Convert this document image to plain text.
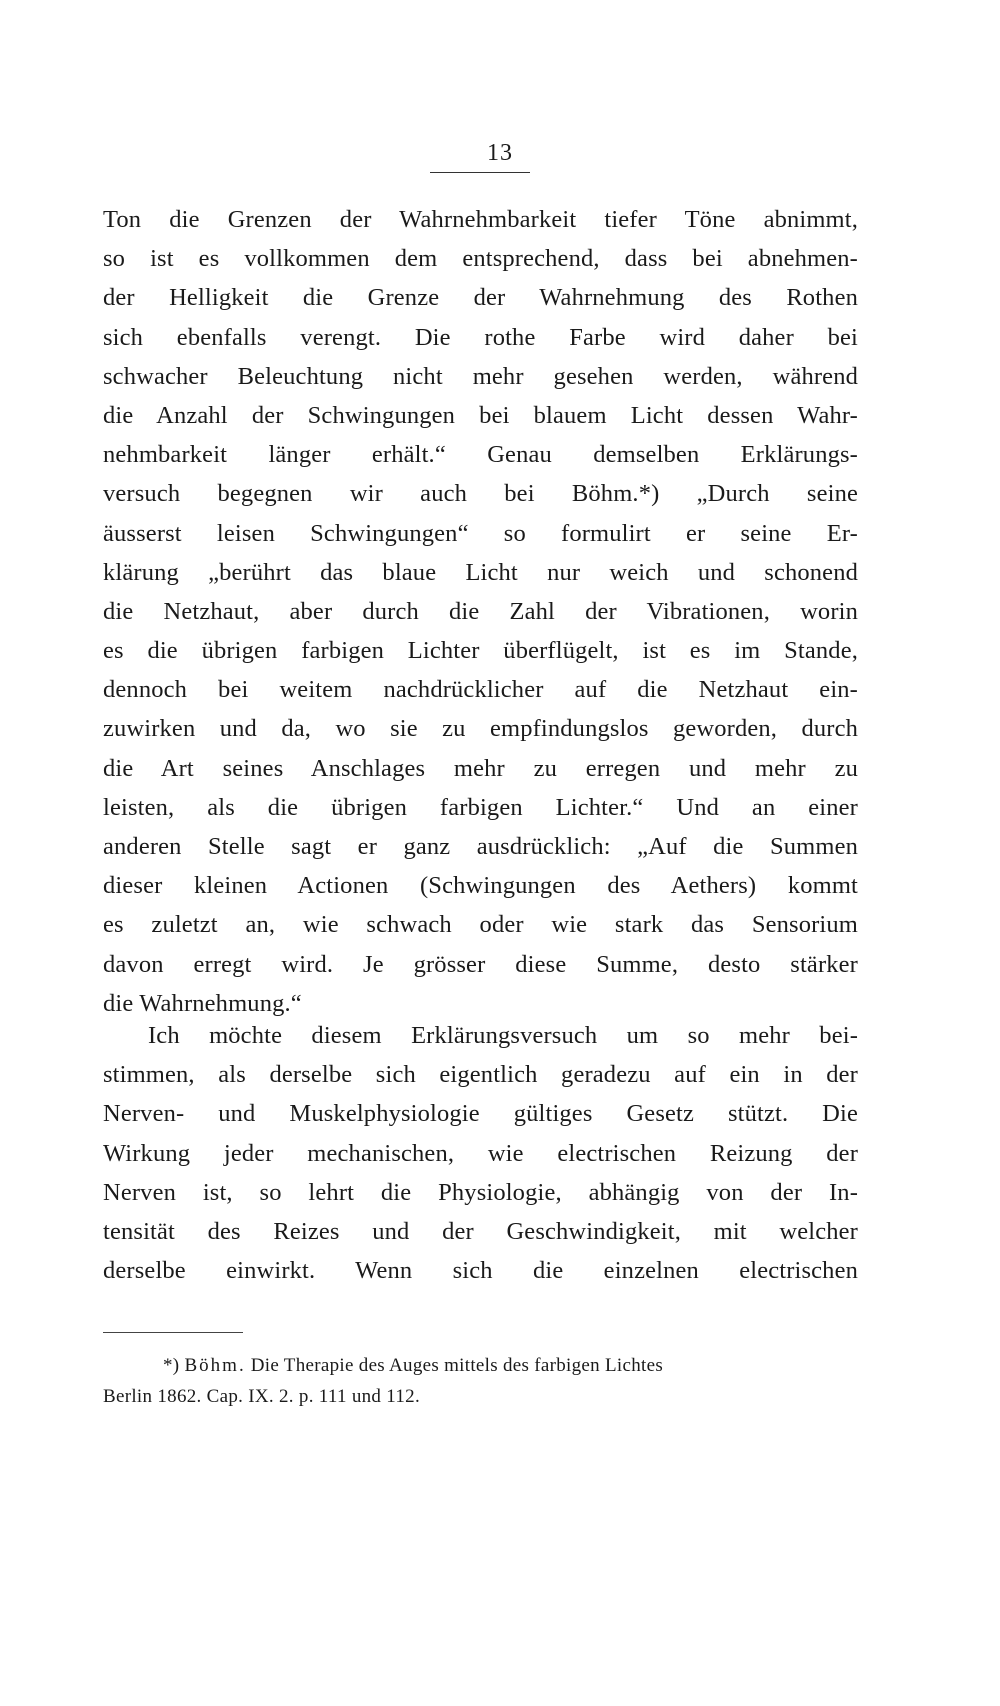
13
Ton die Grenzen der Wahrnehmbarkeit tiefer Töne abnimmt,
so ist es vollkommen dem entsprechend, dass bei abnehmen-
der Helligkeit die Grenze der Wahrnehmung des Rothen
sich ebenfalls verengt. Die rothe Farbe wird daher bei
schwacher Beleuchtung nicht mehr gesehen werden, während
die Anzahl der Schwingungen bei blauem Licht dessen Wahr-
nehmbarkeit länger erhält.“ Genau demselben Erklärungs-
versuch begegnen wir auch bei Böhm.*) „Durch seine
äusserst leisen Schwingungen“ so formulirt er seine Er-
klärung „berührt das blaue Licht nur weich und schonend
die Netzhaut, aber durch die Zahl der Vibrationen, worin
es die übrigen farbigen Lichter überflügelt, ist es im Stande,
dennoch bei weitem nachdrücklicher auf die Netzhaut ein-
zuwirken und da, wo sie zu empfindungslos geworden, durch
die Art seines Anschlages mehr zu erregen und mehr zu
leisten, als die übrigen farbigen Lichter.“ Und an einer
anderen Stelle sagt er ganz ausdrücklich: „Auf die Summen
dieser kleinen Actionen (Schwingungen des Aethers) kommt
es zuletzt an, wie schwach oder wie stark das Sensorium
davon erregt wird. Je grösser diese Summe, desto stärker
die Wahrnehmung.“
Ich möchte diesem Erklärungsversuch um so mehr bei-
stimmen, als derselbe sich eigentlich geradezu auf ein in der
Nerven- und Muskelphysiologie gültiges Gesetz stützt. Die
Wirkung jeder mechanischen, wie electrischen Reizung der
Nerven ist, so lehrt die Physiologie, abhängig von der In-
tensität des Reizes und der Geschwindigkeit, mit welcher
derselbe einwirkt. Wenn sich die einzelnen electrischen
*) Böhm. Die Therapie des Auges mittels des farbigen Lichtes
Berlin 1862. Cap. IX. 2. p. 111 und 112.
